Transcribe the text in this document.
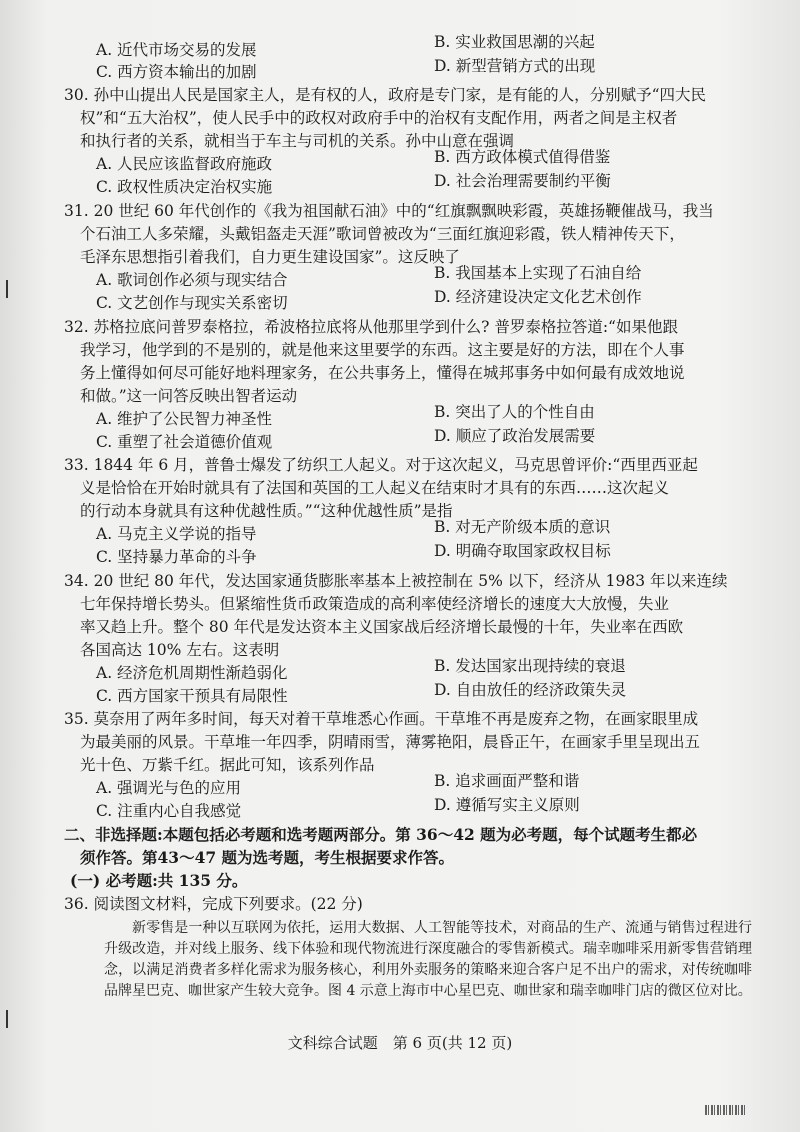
A. 近代市场交易的发展	B. 实业救国思潮的兴起
C. 西方资本输出的加剧	D. 新型营销方式的出现
30. 孙中山提出人民是国家主人，是有权的人，政府是专门家，是有能的人，分别赋予“四大民
权”和“五大治权”，使人民手中的政权对政府手中的治权有支配作用，两者之间是主权者
和执行者的关系，就相当于车主与司机的关系。孙中山意在强调
A. 人民应该监督政府施政	B. 西方政体模式值得借鉴
C. 政权性质决定治权实施	D. 社会治理需要制约平衡
31. 20 世纪 60 年代创作的《我为祖国献石油》中的“红旗飘飘映彩霞，英雄扬鞭催战马，我当
个石油工人多荣耀，头戴铝盔走天涯”歌词曾被改为“三面红旗迎彩霞，铁人精神传天下，
毛泽东思想指引着我们，自力更生建设国家”。这反映了
A. 歌词创作必须与现实结合	B. 我国基本上实现了石油自给
C. 文艺创作与现实关系密切	D. 经济建设决定文化艺术创作
32. 苏格拉底问普罗泰格拉，希波格拉底将从他那里学到什么? 普罗泰格拉答道:“如果他跟
我学习，他学到的不是别的，就是他来这里要学的东西。这主要是好的方法，即在个人事
务上懂得如何尽可能好地料理家务，在公共事务上，懂得在城邦事务中如何最有成效地说
和做。”这一问答反映出智者运动
A. 维护了公民智力神圣性	B. 突出了人的个性自由
C. 重塑了社会道德价值观	D. 顺应了政治发展需要
33. 1844 年 6 月，普鲁士爆发了纺织工人起义。对于这次起义，马克思曾评价:“西里西亚起
义是恰恰在开始时就具有了法国和英国的工人起义在结束时才具有的东西……这次起义
的行动本身就具有这种优越性质。”“这种优越性质”是指
A. 马克主义学说的指导	B. 对无产阶级本质的意识
C. 坚持暴力革命的斗争	D. 明确夺取国家政权目标
34. 20 世纪 80 年代，发达国家通货膨胀率基本上被控制在 5% 以下，经济从 1983 年以来连续
七年保持增长势头。但紧缩性货币政策造成的高利率使经济增长的速度大大放慢，失业
率又趋上升。整个 80 年代是发达资本主义国家战后经济增长最慢的十年，失业率在西欧
各国高达 10% 左右。这表明
A. 经济危机周期性渐趋弱化	B. 发达国家出现持续的衰退
C. 西方国家干预具有局限性	D. 自由放任的经济政策失灵
35. 莫奈用了两年多时间，每天对着干草堆悉心作画。干草堆不再是废弃之物，在画家眼里成
为最美丽的风景。干草堆一年四季，阴晴雨雪，薄雾艳阳，晨昏正午，在画家手里呈现出五
光十色、万紫千红。据此可知，该系列作品
A. 强调光与色的应用	B. 追求画面严整和谐
C. 注重内心自我感觉	D. 遵循写实主义原则
二、非选择题:本题包括必考题和选考题两部分。第 36～42 题为必考题，每个试题考生都必
须作答。第43～47 题为选考题，考生根据要求作答。
(一) 必考题:共 135 分。
36. 阅读图文材料，完成下列要求。(22 分)

新零售是一种以互联网为依托，运用大数据、人工智能等技术，对商品的生产、流通与销售过程进行升级改造，并对线上服务、线下体验和现代物流进行深度融合的零售新模式。瑞幸咖啡采用新零售营销理念，以满足消费者多样化需求为服务核心，利用外卖服务的策略来迎合客户足不出户的需求，对传统咖啡品牌星巴克、咖世家产生较大竞争。图 4 示意上海市中心星巴克、咖世家和瑞幸咖啡门店的微区位对比。

文科综合试题　第 6 页(共 12 页)
